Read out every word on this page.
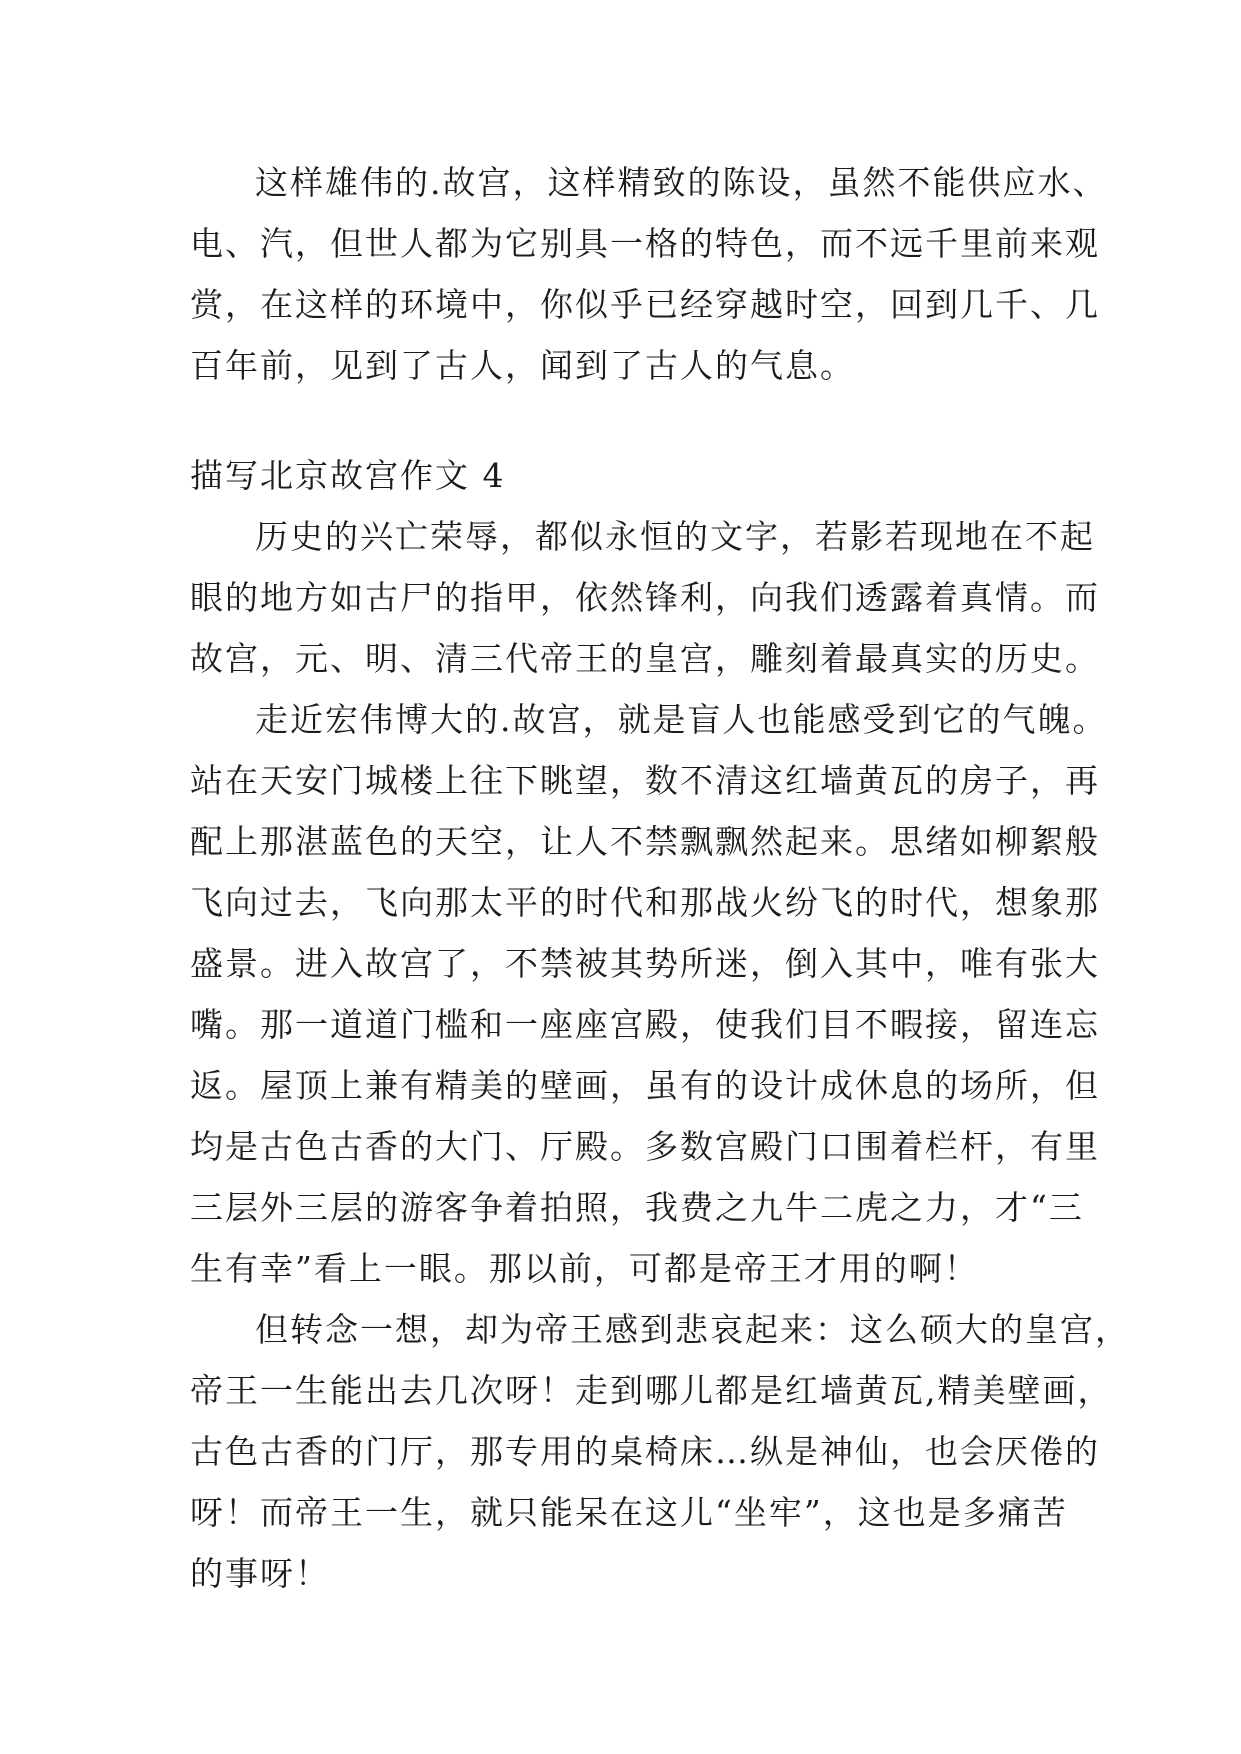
这样雄伟的.故宫，这样精致的陈设，虽然不能供应水、
电、汽，但世人都为它别具一格的特色，而不远千里前来观
赏，在这样的环境中，你似乎已经穿越时空，回到几千、几
百年前，见到了古人，闻到了古人的气息。
描写北京故宫作文 4
历史的兴亡荣辱，都似永恒的文字，若影若现地在不起
眼的地方如古尸的指甲，依然锋利，向我们透露着真情。而
故宫，元、明、清三代帝王的皇宫，雕刻着最真实的历史。
走近宏伟博大的.故宫，就是盲人也能感受到它的气魄。
站在天安门城楼上往下眺望，数不清这红墙黄瓦的房子，再
配上那湛蓝色的天空，让人不禁飘飘然起来。思绪如柳絮般
飞向过去，飞向那太平的时代和那战火纷飞的时代，想象那
盛景。进入故宫了，不禁被其势所迷，倒入其中，唯有张大
嘴。那一道道门槛和一座座宫殿，使我们目不暇接，留连忘
返。屋顶上兼有精美的壁画，虽有的设计成休息的场所，但
均是古色古香的大门、厅殿。多数宫殿门口围着栏杆，有里
三层外三层的游客争着拍照，我费之九牛二虎之力，才“三
生有幸”看上一眼。那以前，可都是帝王才用的啊！
但转念一想，却为帝王感到悲哀起来：这么硕大的皇宫，
帝王一生能出去几次呀！走到哪儿都是红墙黄瓦,精美壁画，
古色古香的门厅，那专用的桌椅床…纵是神仙，也会厌倦的
呀！而帝王一生，就只能呆在这儿“坐牢”，这也是多痛苦
的事呀！
